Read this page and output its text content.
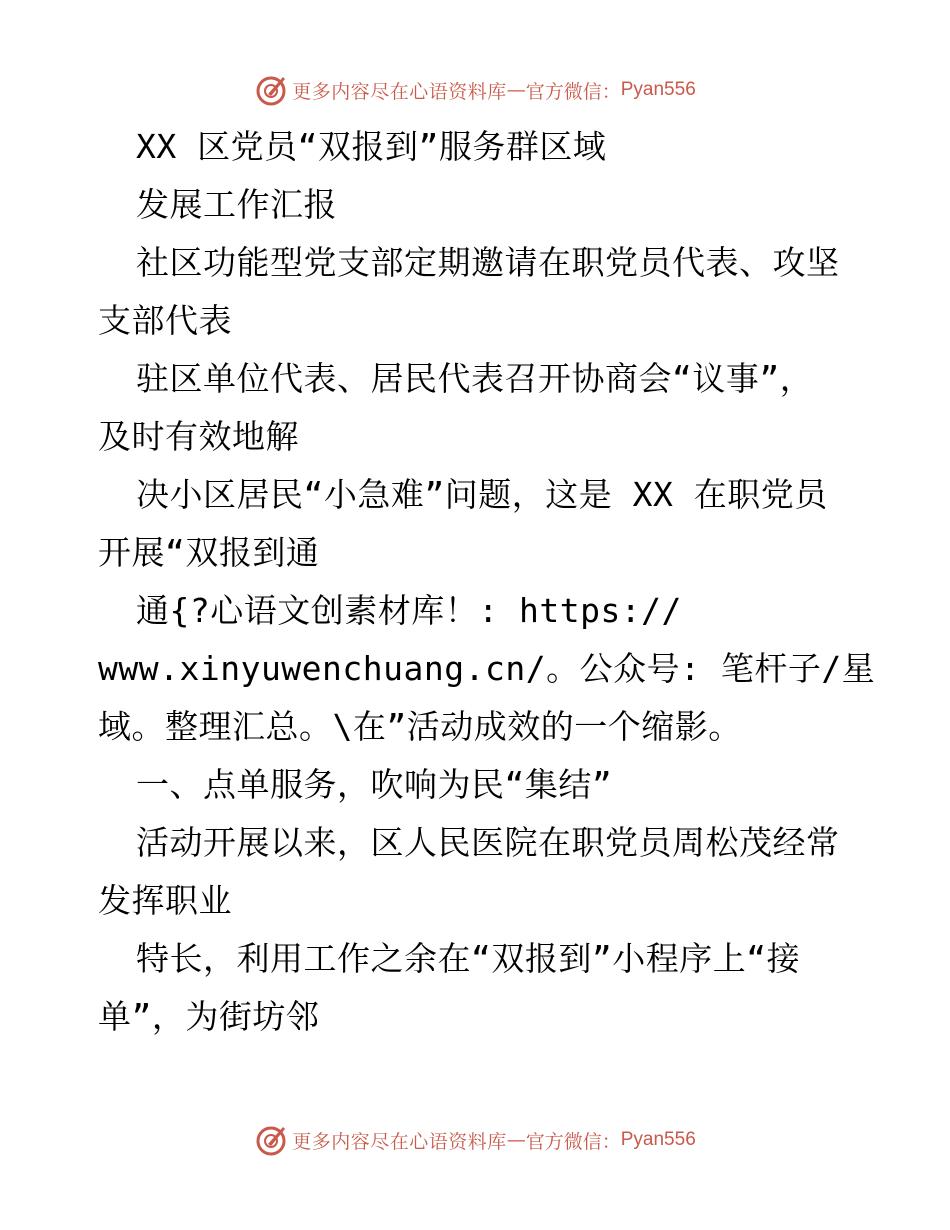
更多内容尽在心语资料库 — 官方微信： Pyan556
XX 区党员“双报到”服务群区域
发展工作汇报
社区功能型党支部定期邀请在职党员代表、攻坚
支部代表
驻区单位代表、居民代表召开协商会“议事”，
及时有效地解
决小区居民“小急难”问题，这是 XX 在职党员
开展“双报到通
通{?心语文创素材库！: https://
www.xinyuwenchuang.cn/。公众号: 笔杆子/星
域。整理汇总。\在”活动成效的一个缩影。
一、点单服务，吹响为民“集结”
活动开展以来，区人民医院在职党员周松茂经常
发挥职业
特长，利用工作之余在“双报到”小程序上“接
单”，为街坊邻
更多内容尽在心语资料库 — 官方微信： Pyan556
